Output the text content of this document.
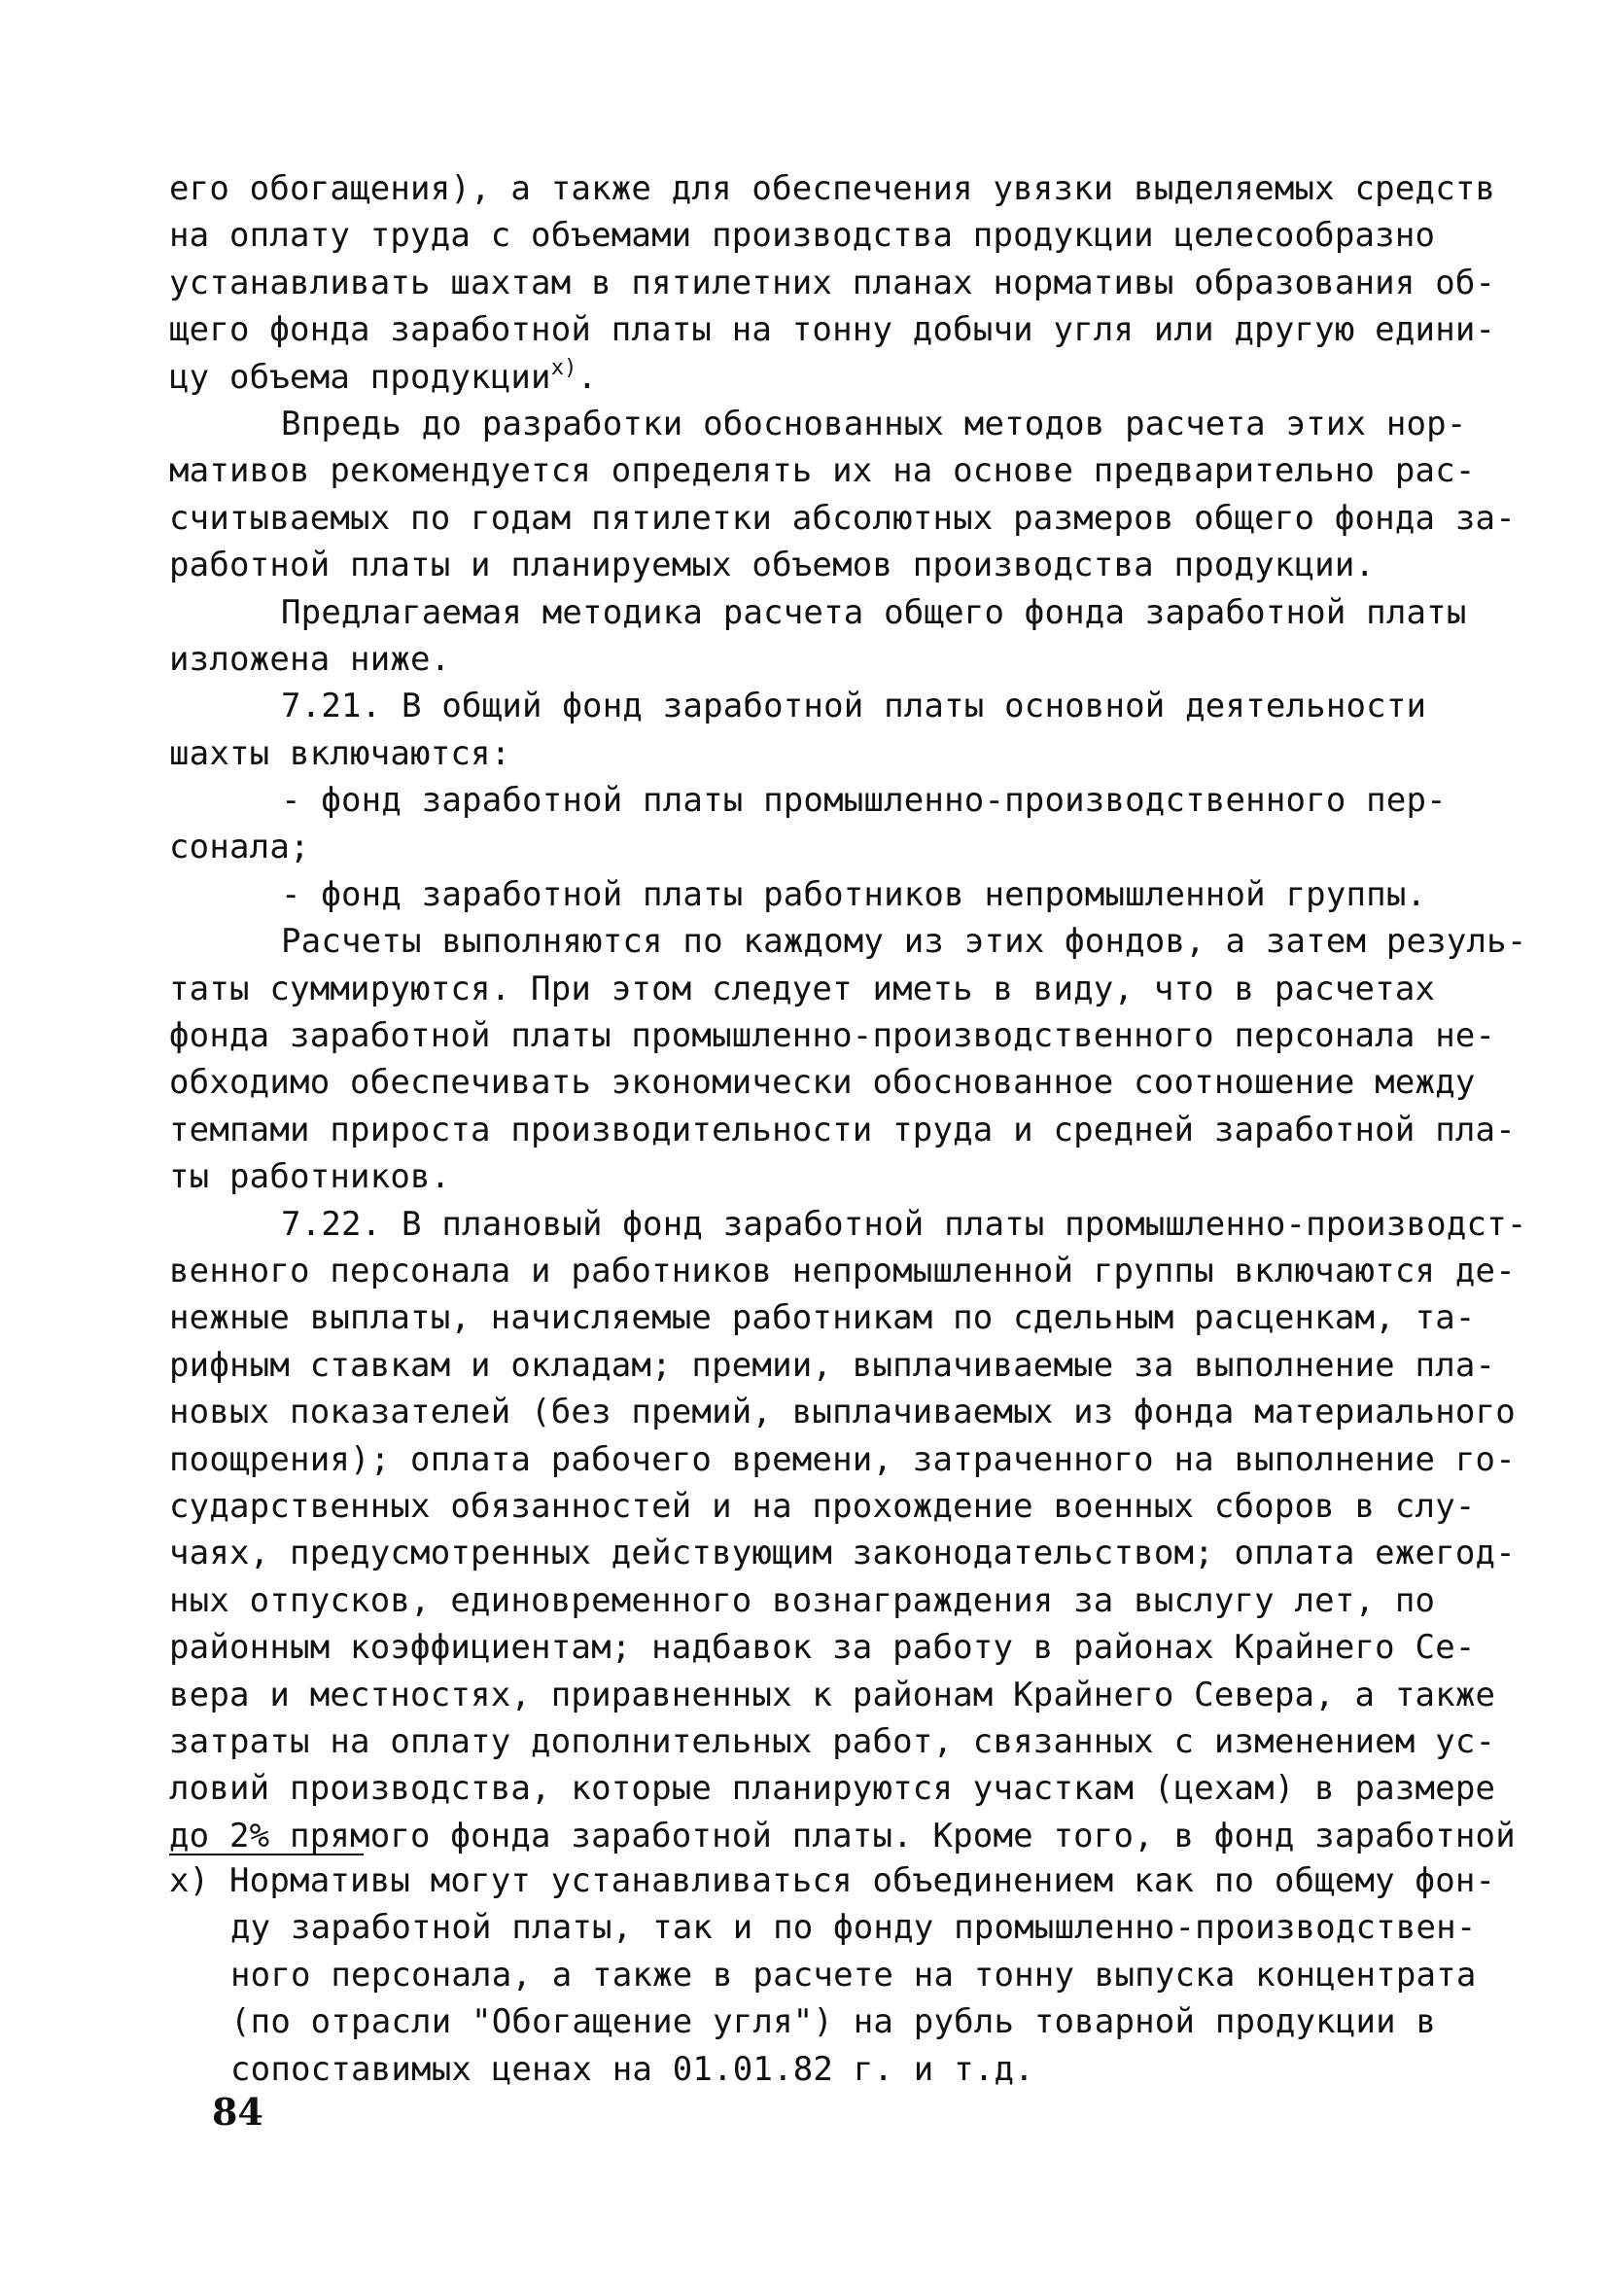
его обогащения), а также для обеспечения увязки выделяемых средств
на оплату труда с объемами производства продукции целесообразно
устанавливать шахтам в пятилетних планах нормативы образования об-
щего фонда заработной платы на тонну добычи угля или другую едини-
цу объема продукции$^{x)}$.
Впредь до разработки обоснованных методов расчета этих нор-
мативов рекомендуется определять их на основе предварительно рас-
считываемых по годам пятилетки абсолютных размеров общего фонда за-
работной платы и планируемых объемов производства продукции.
Предлагаемая методика расчета общего фонда заработной платы
изложена ниже.
7.21. В общий фонд заработной платы основной деятельности
шахты включаются:
- фонд заработной платы промышленно-производственного пер-
сонала;
- фонд заработной платы работников непромышленной группы.
Расчеты выполняются по каждому из этих фондов, а затем резуль-
таты суммируются. При этом следует иметь в виду, что в расчетах
фонда заработной платы промышленно-производственного персонала не-
обходимо обеспечивать экономически обоснованное соотношение между
темпами прироста производительности труда и средней заработной пла-
ты работников.
7.22. В плановый фонд заработной платы промышленно-производст-
венного персонала и работников непромышленной группы включаются де-
нежные выплаты, начисляемые работникам по сдельным расценкам, та-
рифным ставкам и окладам; премии, выплачиваемые за выполнение пла-
новых показателей (без премий, выплачиваемых из фонда материального
поощрения); оплата рабочего времени, затраченного на выполнение го-
сударственных обязанностей и на прохождение военных сборов в слу-
чаях, предусмотренных действующим законодательством; оплата ежегод-
ных отпусков, единовременного вознаграждения за выслугу лет, по
районным коэффициентам; надбавок за работу в районах Крайнего Се-
вера и местностях, приравненных к районам Крайнего Севера, а также
затраты на оплату дополнительных работ, связанных с изменением ус-
ловий производства, которые планируются участкам (цехам) в размере
до 2% прямого фонда заработной платы. Кроме того, в фонд заработной
x) Нормативы могут устанавливаться объединением как по общему фон-
ду заработной платы, так и по фонду промышленно-производствен-
ного персонала, а также в расчете на тонну выпуска концентрата
(по отрасли "Обогащение угля") на рубль товарной продукции в
сопоставимых ценах на 01.01.82 г. и т.д.
84
